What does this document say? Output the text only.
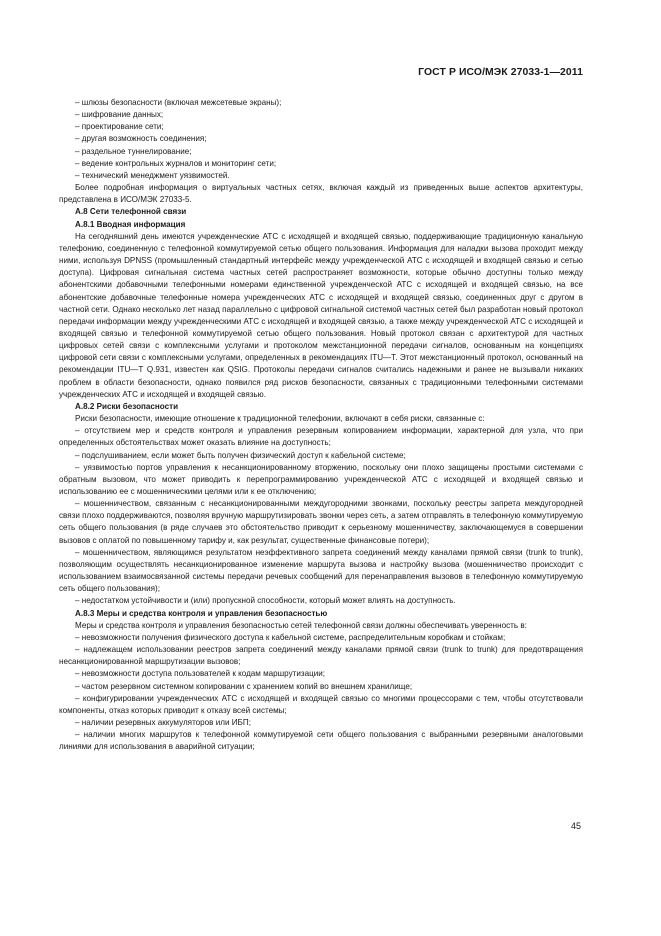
ГОСТ Р ИСО/МЭК 27033-1—2011

– шлюзы безопасности (включая межсетевые экраны);

– шифрование данных;

– проектирование сети;

– другая возможность соединения;

– раздельное туннелирование;

– ведение контрольных журналов и мониторинг сети;

– технический менеджмент уязвимостей.

Более подробная информация о виртуальных частных сетях, включая каждый из приведенных выше аспектов архитектуры, представлена в ИСО/МЭК 27033-5.

А.8 Сети телефонной связи

А.8.1 Вводная информация

На сегодняшний день имеются учрежденческие АТС с исходящей и входящей связью, поддерживающие традиционную канальную телефонию, соединенную с телефонной коммутируемой сетью общего пользования. Информация для наладки вызова проходит между ними, используя DPNSS (промышленный стандартный интерфейс между учрежденческой АТС с исходящей и входящей связью и сетью доступа). Цифровая сигнальная система частных сетей распространяет возможности, которые обычно доступны только между абонентскими добавочными телефонными номерами единственной учрежденческой АТС с исходящей и входящей связью, на все абонентские добавочные телефонные номера учрежденческих АТС с исходящей и входящей связью, соединенных друг с другом в частной сети. Однако несколько лет назад параллельно с цифровой сигнальной системой частных сетей был разработан новый протокол передачи информации между учрежденческими АТС с исходящей и входящей связью, а также между учрежденческой АТС с исходящей и входящей связью и телефонной коммутируемой сетью общего пользования. Новый протокол связан с архитектурой для частных цифровых сетей связи с комплексными услугами и протоколом межстанционной передачи сигналов, основанным на концепциях цифровой сети связи с комплексными услугами, определенных в рекомендациях ITU—T. Этот межстанционный протокол, основанный на рекомендации ITU—T Q.931, известен как QSIG. Протоколы передачи сигналов считались надежными и ранее не вызывали никаких проблем в области безопасности, однако появился ряд рисков безопасности, связанных с традиционными телефонными системами учрежденческих АТС и исходящей и входящей связью.

А.8.2 Риски безопасности

Риски безопасности, имеющие отношение к традиционной телефонии, включают в себя риски, связанные с:

– отсутствием мер и средств контроля и управления резервным копированием информации, характерной для узла, что при определенных обстоятельствах может оказать влияние на доступность;

– подслушиванием, если может быть получен физический доступ к кабельной системе;

– уязвимостью портов управления к несанкционированному вторжению, поскольку они плохо защищены простыми системами с обратным вызовом, что может приводить к перепрограммированию учрежденческой АТС с исходящей и входящей связью и использованию ее с мошенническими целями или к ее отключению;

– мошенничеством, связанным с несанкционированными междугородними звонками, поскольку реестры запрета междугородней связи плохо поддерживаются, позволяя вручную маршрутизировать звонки через сеть, а затем отправлять в телефонную коммутируемую сеть общего пользования (в ряде случаев это обстоятельство приводит к серьезному мошенничеству, заключающемуся в совершении вызовов с оплатой по повышенному тарифу и, как результат, существенные финансовые потери);

– мошенничеством, являющимся результатом неэффективного запрета соединений между каналами прямой связи (trunk to trunk), позволяющим осуществлять несанкционированное изменение маршрута вызова и настройку вызова (мошенничество происходит с использованием взаимосвязанной системы передачи речевых сообщений для перенаправления вызовов в телефонную коммутируемую сеть общего пользования);

– недостатком устойчивости и (или) пропускной способности, который может влиять на доступность.

А.8.3 Меры и средства контроля и управления безопасностью

Меры и средства контроля и управления безопасностью сетей телефонной связи должны обеспечивать уверенность в:

– невозможности получения физического доступа к кабельной системе, распределительным коробкам и стойкам;

– надлежащем использовании реестров запрета соединений между каналами прямой связи (trunk to trunk) для предотвращения несанкционированной маршрутизации вызовов;

– невозможности доступа пользователей к кодам маршрутизации;

– частом резервном системном копировании с хранением копий во внешнем хранилище;

– конфигурировании учрежденческих АТС с исходящей и входящей связью со многими процессорами с тем, чтобы отсутствовали компоненты, отказ которых приводит к отказу всей системы;

– наличии резервных аккумуляторов или ИБП;

– наличии многих маршрутов к телефонной коммутируемой сети общего пользования с выбранными резервными аналоговыми линиями для использования в аварийной ситуации;

45
